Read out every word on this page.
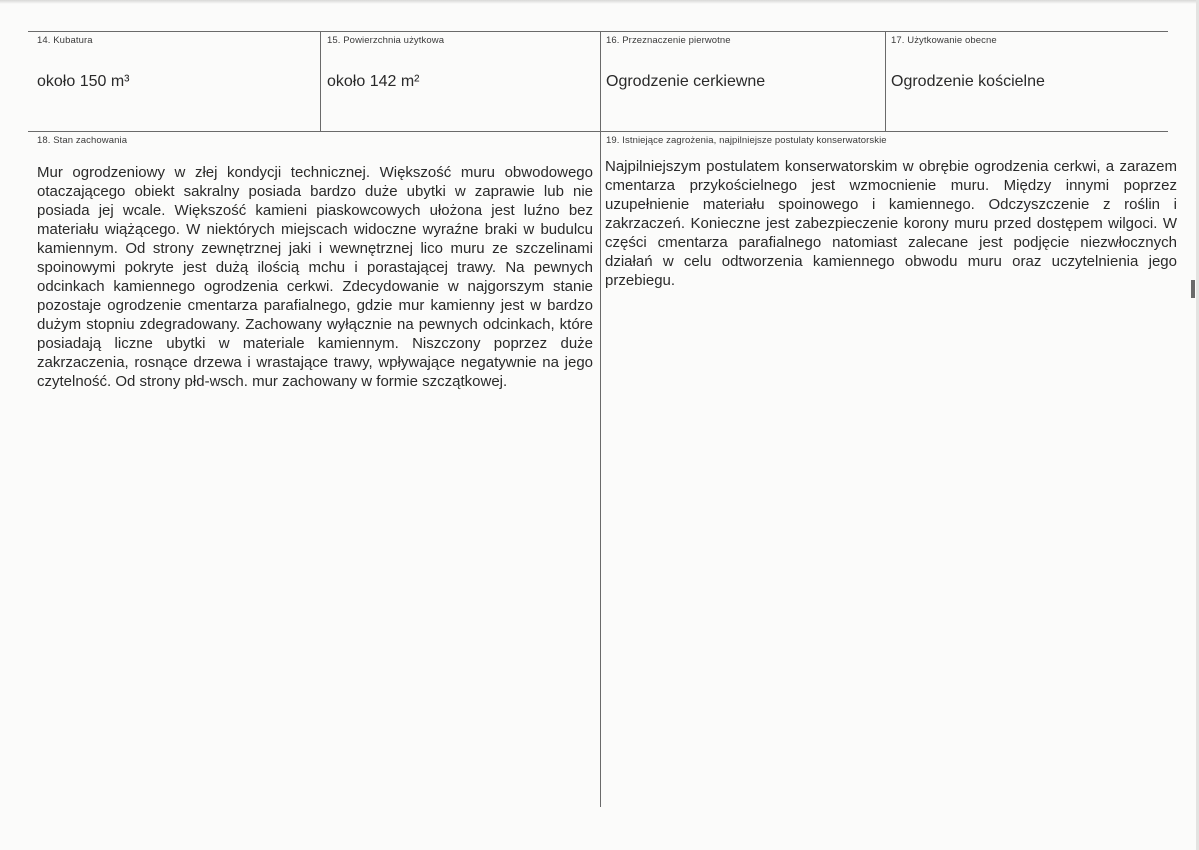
14. Kubatura
około 150 m³
15. Powierzchnia użytkowa
około 142 m²
16. Przeznaczenie pierwotne
Ogrodzenie cerkiewne
17. Użytkowanie obecne
Ogrodzenie kościelne
18. Stan zachowania

Mur ogrodzeniowy w złej kondycji technicznej. Większość muru obwodowego otaczającego obiekt sakralny posiada bardzo duże ubytki w zaprawie lub nie posiada jej wcale. Większość kamieni piaskowcowych ułożona jest luźno bez materiału wiążącego. W niektórych miejscach widoczne wyraźne braki w budulcu kamiennym. Od strony zewnętrznej jaki i wewnętrznej lico muru ze szczelinami spoinowymi pokryte jest dużą ilością mchu i porastającej trawy. Na pewnych odcinkach kamiennego ogrodzenia cerkwi. Zdecydowanie w najgorszym stanie pozostaje ogrodzenie cmentarza parafialnego, gdzie mur kamienny jest w bardzo dużym stopniu zdegradowany. Zachowany wyłącznie na pewnych odcinkach, które posiadają liczne ubytki w materiale kamiennym. Niszczony poprzez duże zakrzaczenia, rosnące drzewa i wrastające trawy, wpływające negatywnie na jego czytelność. Od strony płd-wsch. mur zachowany w formie szczątkowej.

19. Istniejące zagrożenia, najpilniejsze postulaty konserwatorskie

Najpilniejszym postulatem konserwatorskim w obrębie ogrodzenia cerkwi, a zarazem cmentarza przykościelnego jest wzmocnienie muru. Między innymi poprzez uzupełnienie materiału spoinowego i kamiennego. Odczyszczenie z roślin i zakrzaczeń. Konieczne jest zabezpieczenie korony muru przed dostępem wilgoci. W części cmentarza parafialnego natomiast zalecane jest podjęcie niezwłocznych działań w celu odtworzenia kamiennego obwodu muru oraz uczytelnienia jego przebiegu.
